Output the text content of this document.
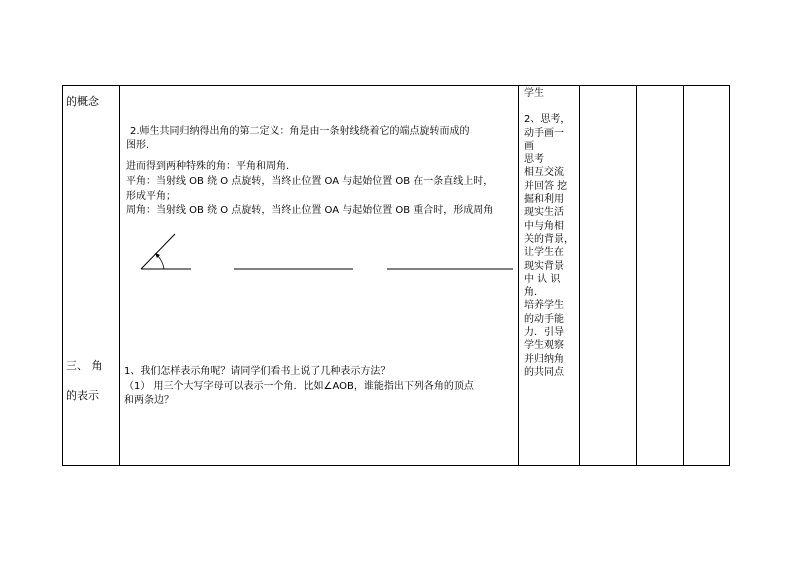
的概念
三、 角
的表示
2.师生共同归纳得出角的第二定义：角是由一条射线绕着它的端点旋转而成的
图形.
进而得到两种特殊的角：平角和周角.
平角：当射线 OB 绕 O 点旋转，当终止位置 OA 与起始位置 OB 在一条直线上时，
形成平角；
周角：当射线 OB 绕 O 点旋转，当终止位置 OA 与起始位置 OB 重合时，形成周角
1、我们怎样表示角呢？请同学们看书上说了几种表示方法？
（1） 用三个大写字母可以表示一个角．比如∠AOB，谁能指出下列各角的顶点
和两条边？
学生
2、思考，
动手画一
画
思考
相互交流
并回答 挖
掘和利用
现实生活
中与角相
关的背景，
让学生在
现实背景
中 认 识
角．
培养学生
的动手能
力．引导
学生观察
并归纳角
的共同点
